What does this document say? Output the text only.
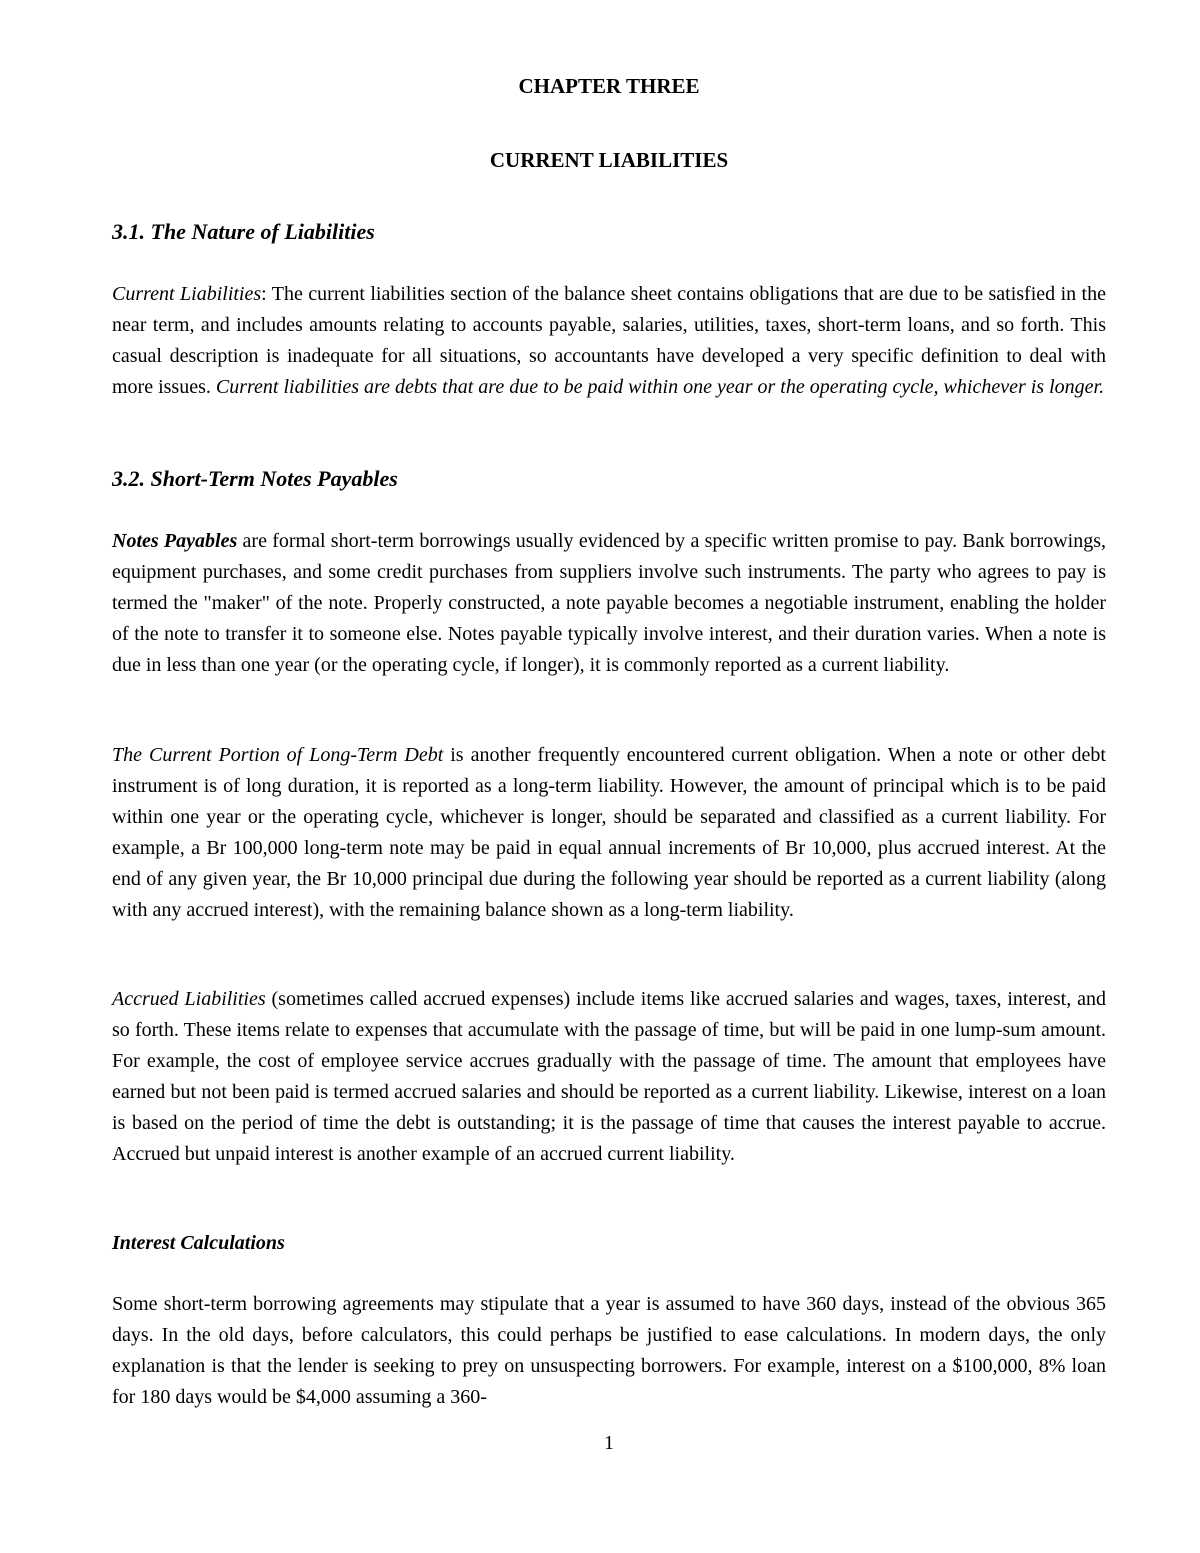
CHAPTER THREE
CURRENT LIABILITIES
3.1. The Nature of Liabilities

Current Liabilities: The current liabilities section of the balance sheet contains obligations that are due to be satisfied in the near term, and includes amounts relating to accounts payable, salaries, utilities, taxes, short-term loans, and so forth. This casual description is inadequate for all situations, so accountants have developed a very specific definition to deal with more issues. Current liabilities are debts that are due to be paid within one year or the operating cycle, whichever is longer.

3.2. Short-Term Notes Payables

Notes Payables are formal short-term borrowings usually evidenced by a specific written promise to pay. Bank borrowings, equipment purchases, and some credit purchases from suppliers involve such instruments. The party who agrees to pay is termed the "maker" of the note. Properly constructed, a note payable becomes a negotiable instrument, enabling the holder of the note to transfer it to someone else. Notes payable typically involve interest, and their duration varies. When a note is due in less than one year (or the operating cycle, if longer), it is commonly reported as a current liability.

The Current Portion of Long-Term Debt is another frequently encountered current obligation. When a note or other debt instrument is of long duration, it is reported as a long-term liability. However, the amount of principal which is to be paid within one year or the operating cycle, whichever is longer, should be separated and classified as a current liability. For example, a Br 100,000 long-term note may be paid in equal annual increments of Br 10,000, plus accrued interest. At the end of any given year, the Br 10,000 principal due during the following year should be reported as a current liability (along with any accrued interest), with the remaining balance shown as a long-term liability.

Accrued Liabilities (sometimes called accrued expenses) include items like accrued salaries and wages, taxes, interest, and so forth. These items relate to expenses that accumulate with the passage of time, but will be paid in one lump-sum amount. For example, the cost of employee service accrues gradually with the passage of time. The amount that employees have earned but not been paid is termed accrued salaries and should be reported as a current liability. Likewise, interest on a loan is based on the period of time the debt is outstanding; it is the passage of time that causes the interest payable to accrue. Accrued but unpaid interest is another example of an accrued current liability.

Interest Calculations

Some short-term borrowing agreements may stipulate that a year is assumed to have 360 days, instead of the obvious 365 days. In the old days, before calculators, this could perhaps be justified to ease calculations. In modern days, the only explanation is that the lender is seeking to prey on unsuspecting borrowers. For example, interest on a $100,000, 8% loan for 180 days would be $4,000 assuming a 360-

1
